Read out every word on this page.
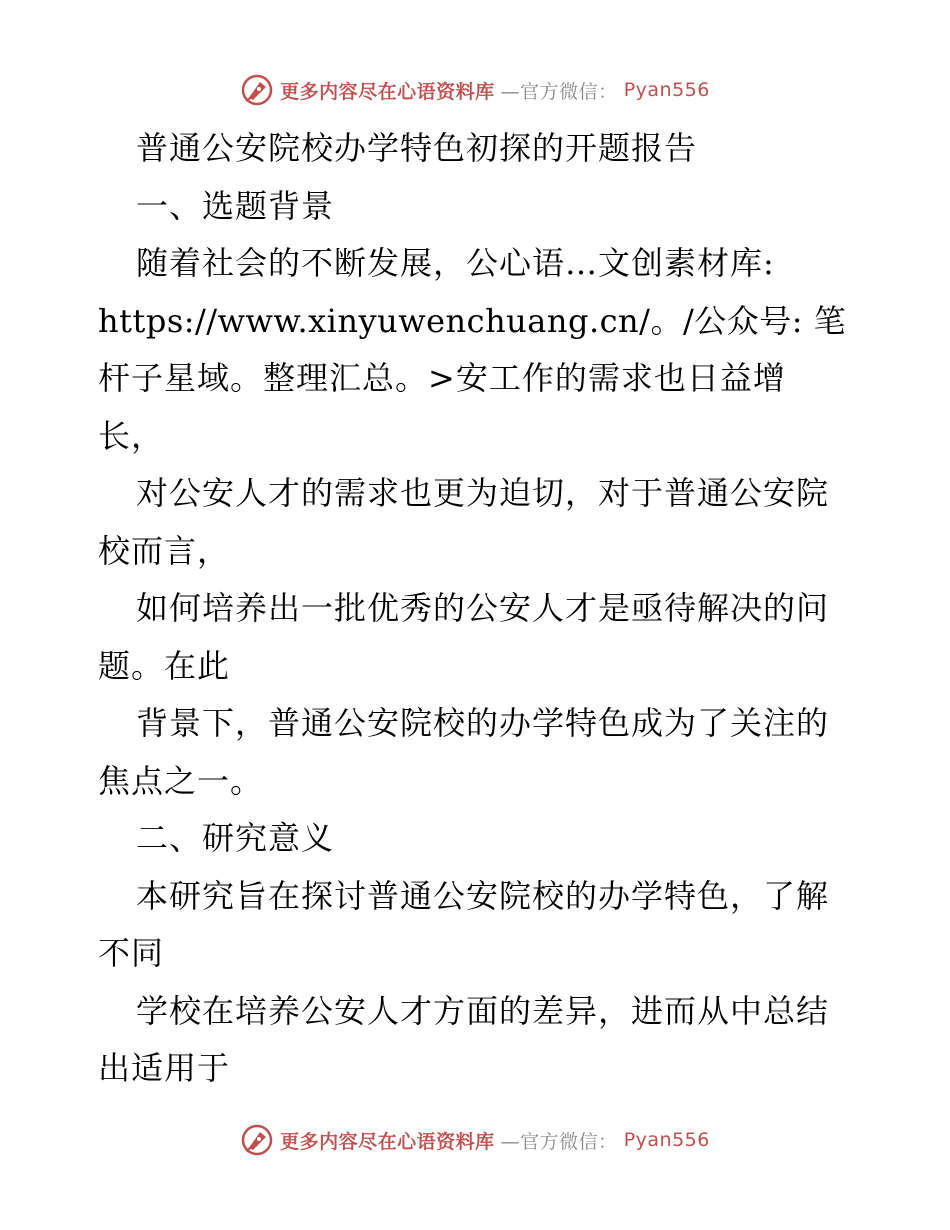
更多内容尽在心语资料库 —官方微信： Pyan556
普通公安院校办学特色初探的开题报告
一、选题背景
随着社会的不断发展，公心语…文创素材库:
https://www.xinyuwenchuang.cn/。/公众号: 笔
杆子星域。整理汇总。>安工作的需求也日益增
长，
对公安人才的需求也更为迫切，对于普通公安院
校而言，
如何培养出一批优秀的公安人才是亟待解决的问
题。在此
背景下，普通公安院校的办学特色成为了关注的
焦点之一。
二、研究意义
本研究旨在探讨普通公安院校的办学特色，了解
不同
学校在培养公安人才方面的差异，进而从中总结
出适用于
更多内容尽在心语资料库 —官方微信： Pyan556
